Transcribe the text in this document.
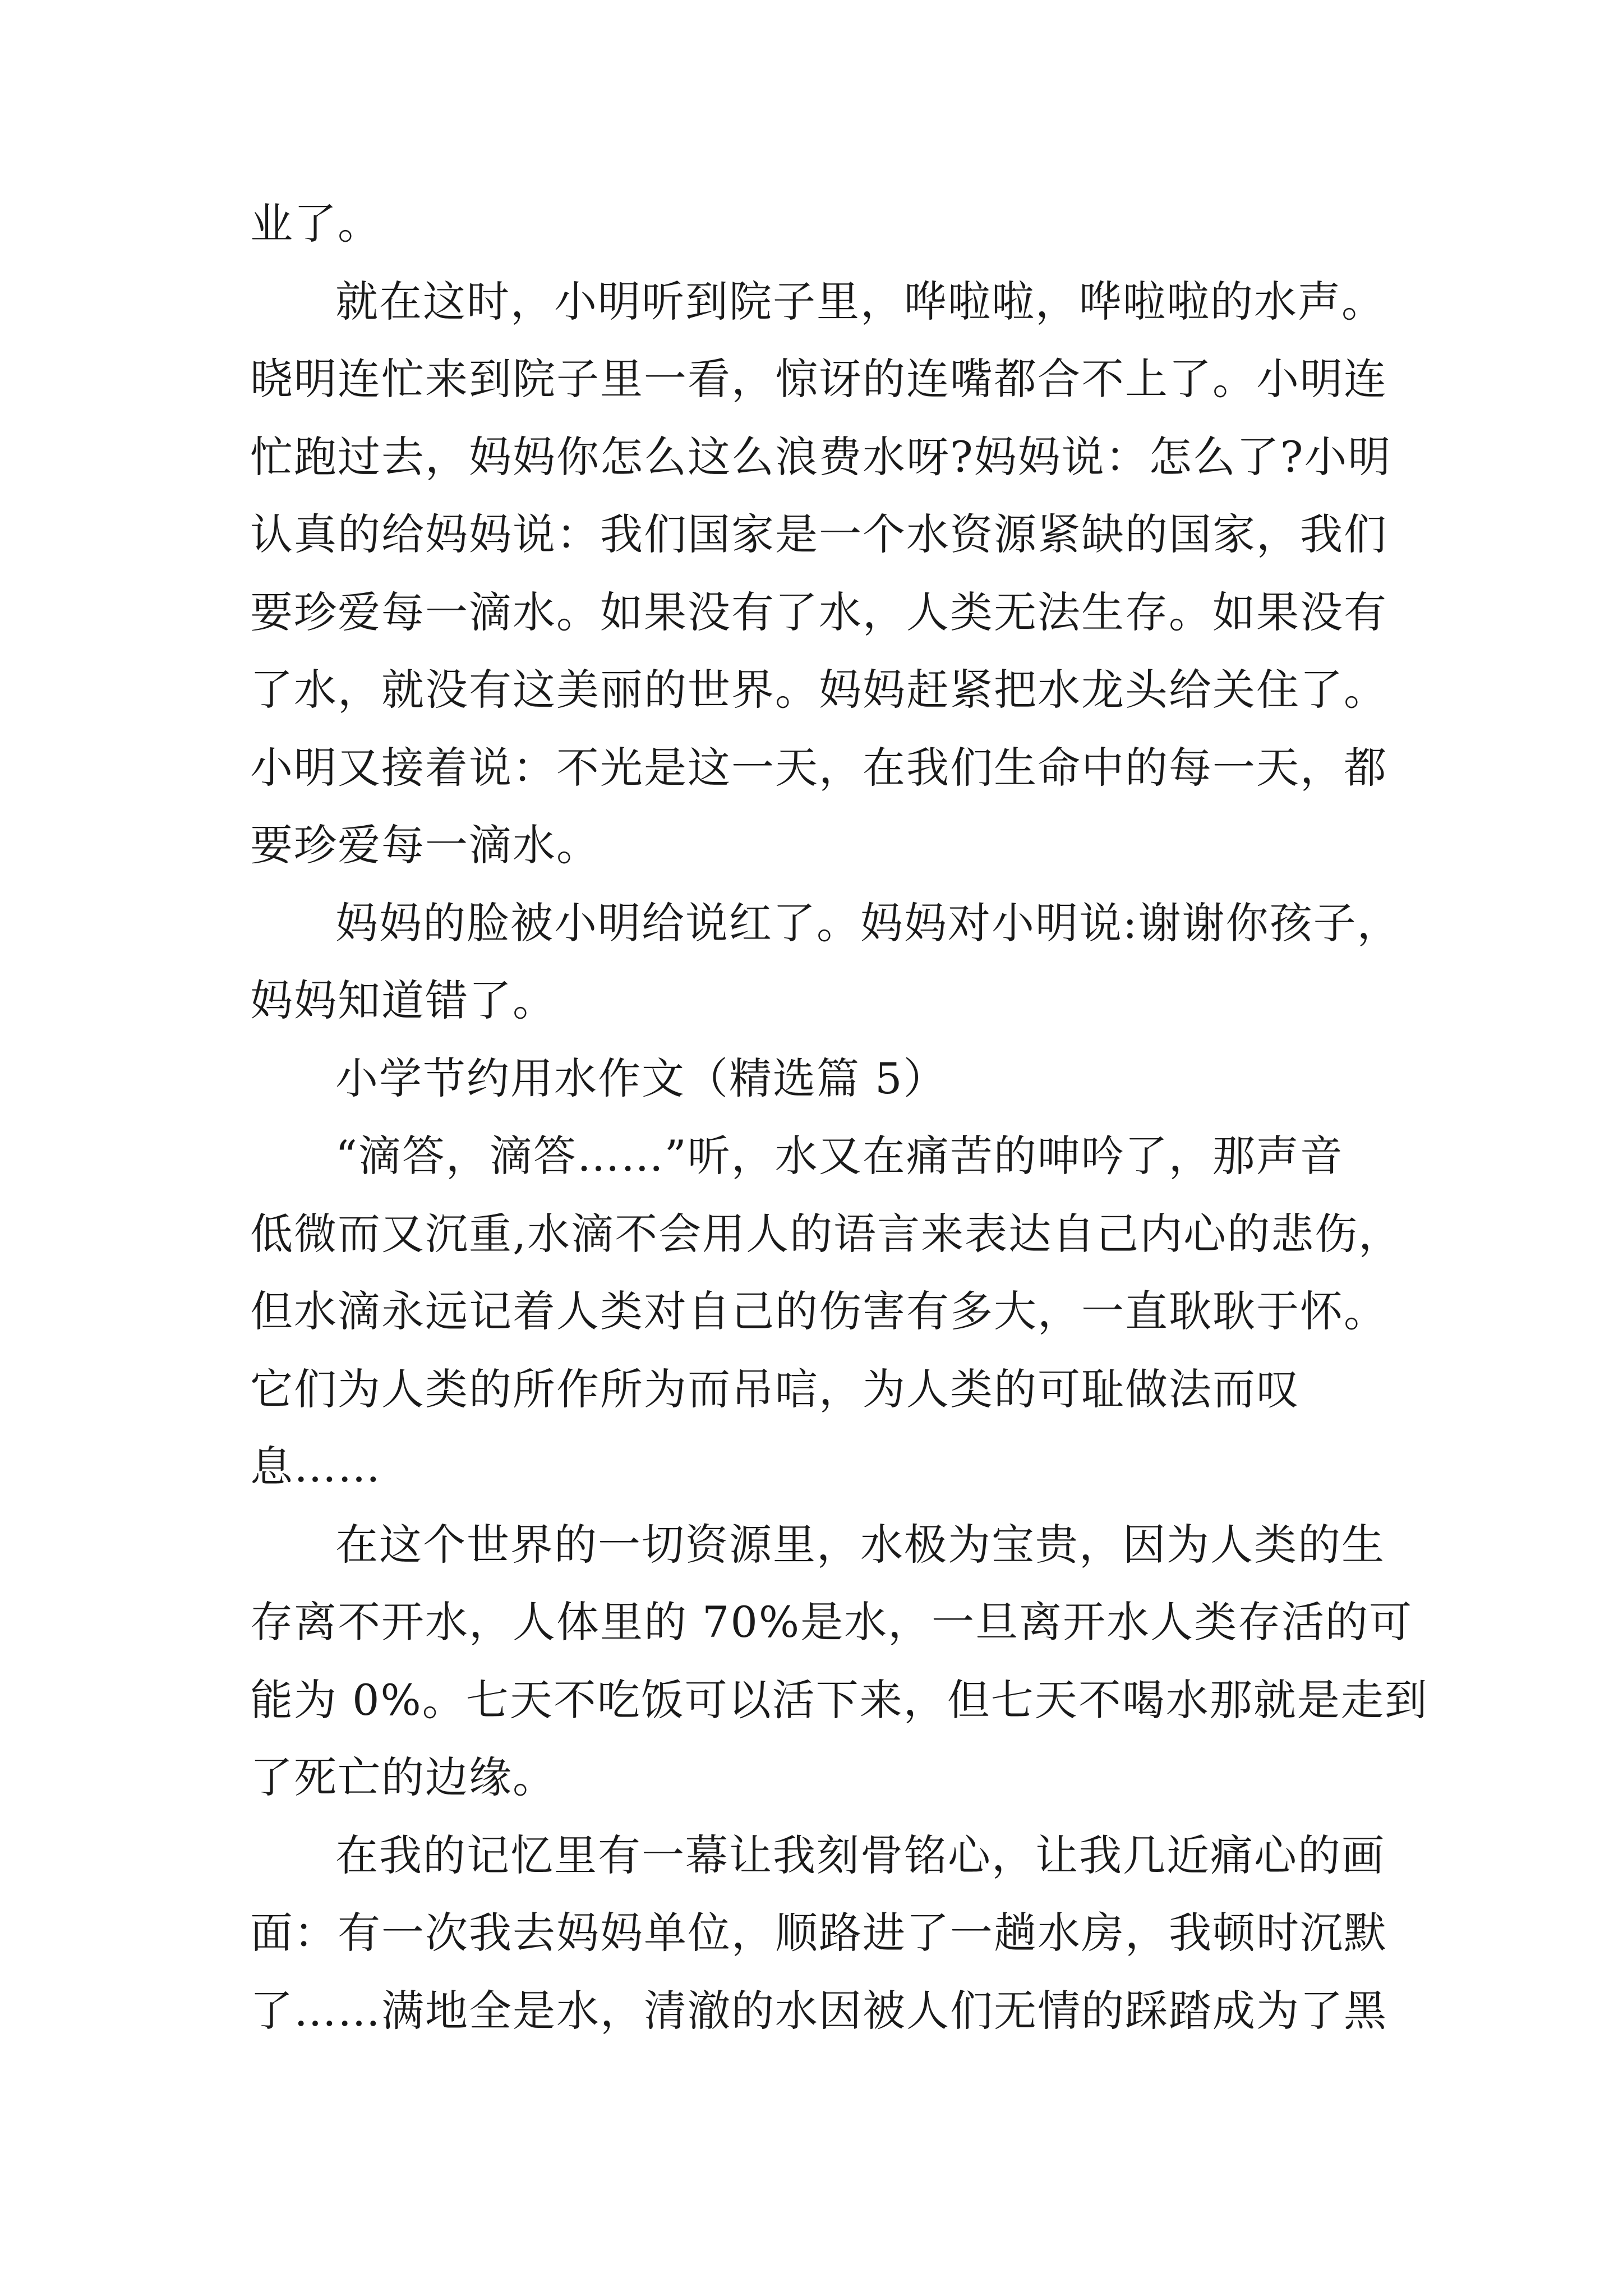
业了。
就在这时，小明听到院子里，哗啦啦，哗啦啦的水声。
晓明连忙来到院子里一看，惊讶的连嘴都合不上了。小明连
忙跑过去，妈妈你怎么这么浪费水呀?妈妈说：怎么了?小明
认真的给妈妈说：我们国家是一个水资源紧缺的国家，我们
要珍爱每一滴水。如果没有了水，人类无法生存。如果没有
了水，就没有这美丽的世界。妈妈赶紧把水龙头给关住了。
小明又接着说：不光是这一天，在我们生命中的每一天，都
要珍爱每一滴水。
妈妈的脸被小明给说红了。妈妈对小明说:谢谢你孩子，
妈妈知道错了。
小学节约用水作文（精选篇 5）
“滴答，滴答……”听，水又在痛苦的呻吟了，那声音
低微而又沉重,水滴不会用人的语言来表达自己内心的悲伤，
但水滴永远记着人类对自己的伤害有多大，一直耿耿于怀。
它们为人类的所作所为而吊唁，为人类的可耻做法而叹
息……
在这个世界的一切资源里，水极为宝贵，因为人类的生
存离不开水，人体里的 70%是水，一旦离开水人类存活的可
能为 0%。七天不吃饭可以活下来，但七天不喝水那就是走到
了死亡的边缘。
在我的记忆里有一幕让我刻骨铭心，让我几近痛心的画
面：有一次我去妈妈单位，顺路进了一趟水房，我顿时沉默
了……满地全是水，清澈的水因被人们无情的踩踏成为了黑
